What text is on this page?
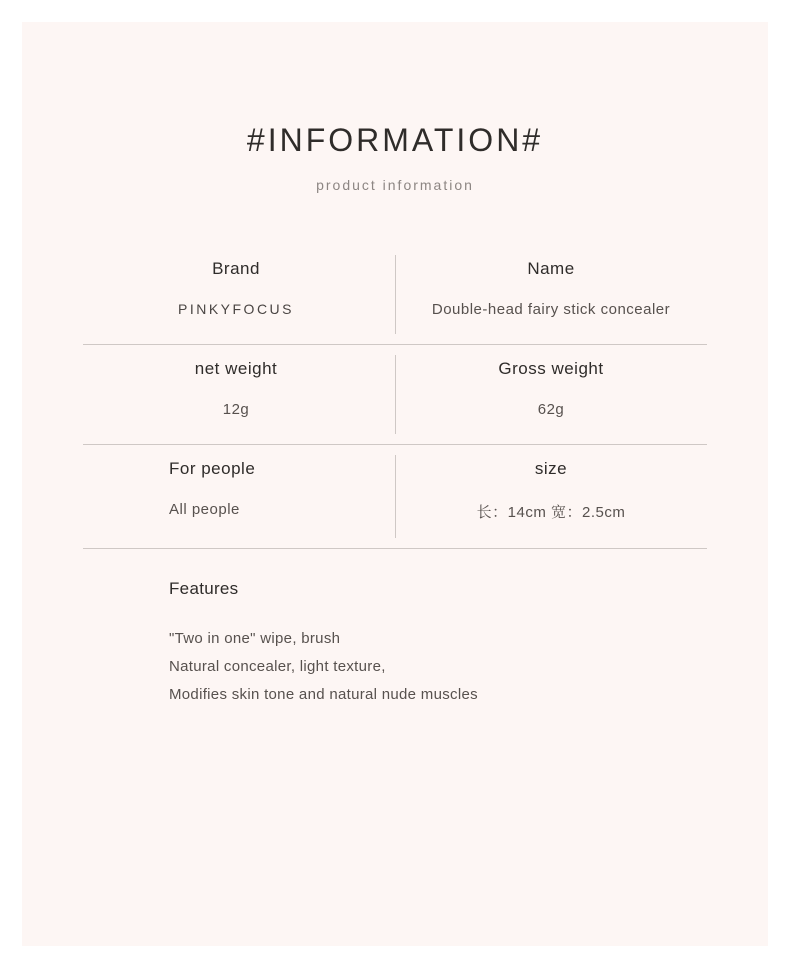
#INFORMATION#
product information
Brand
PINKYFOCUS
Name
Double-head fairy stick concealer
net weight
12g
Gross weight
62g
For people
All people
size
长：14cm 宽：2.5cm
Features
"Two in one" wipe, brush
Natural concealer, light texture,
Modifies skin tone and natural nude muscles
